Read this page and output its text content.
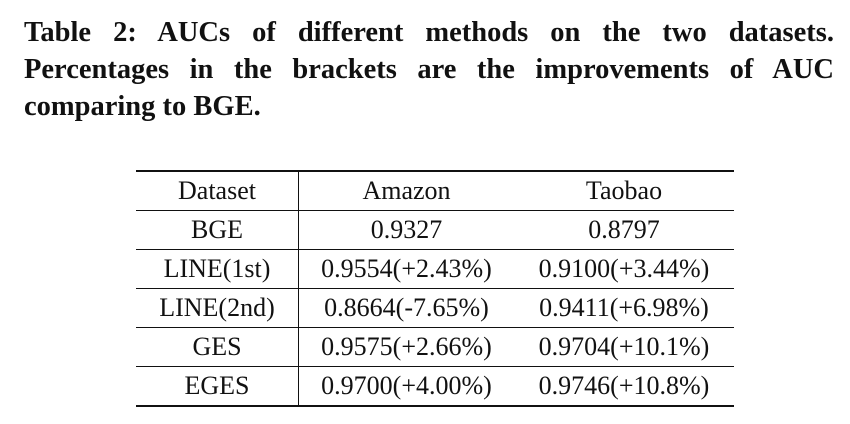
Table 2: AUCs of different methods on the two datasets. Percentages in the brackets are the improvements of AUC comparing to BGE.

Dataset	Amazon	Taobao
BGE	0.9327	0.8797
LINE(1st)	0.9554(+2.43%)	0.9100(+3.44%)
LINE(2nd)	0.8664(-7.65%)	0.9411(+6.98%)
GES	0.9575(+2.66%)	0.9704(+10.1%)
EGES	0.9700(+4.00%)	0.9746(+10.8%)
